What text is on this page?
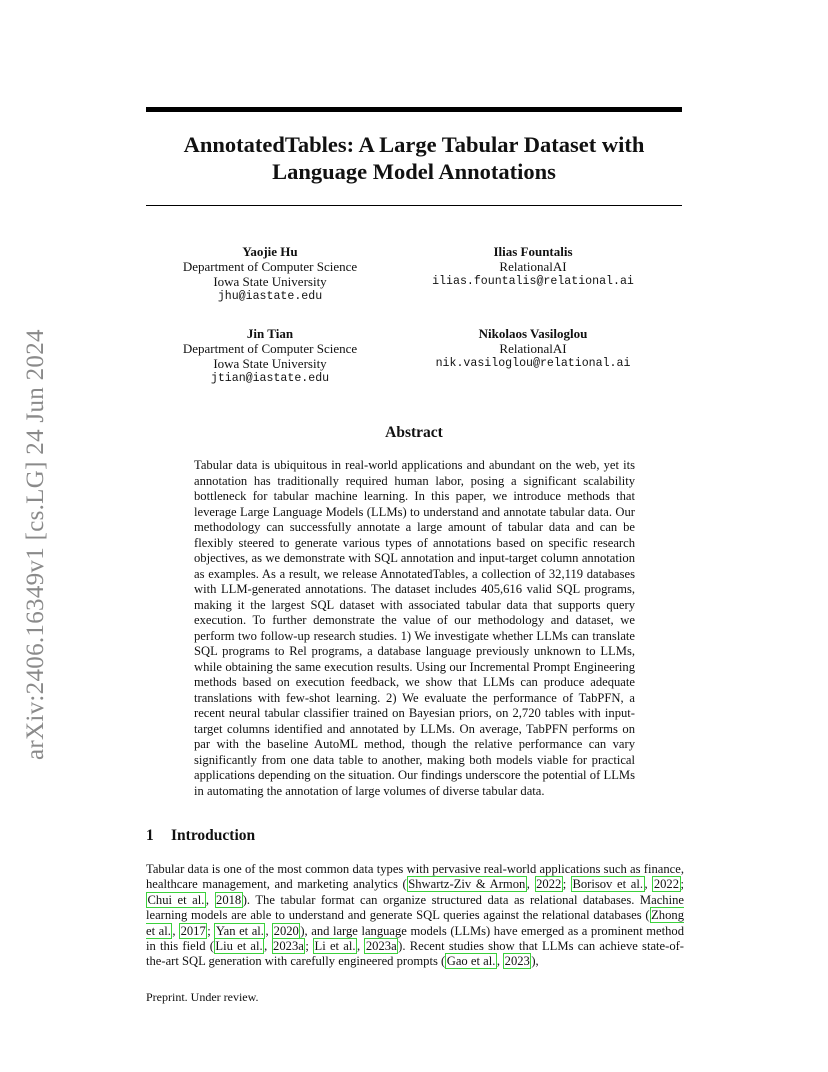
arXiv:2406.16349v1 [cs.LG] 24 Jun 2024
AnnotatedTables: A Large Tabular Dataset with
Language Model Annotations
Yaojie Hu
Department of Computer Science
Iowa State University
jhu@iastate.edu
Ilias Fountalis
RelationalAI
ilias.fountalis@relational.ai
Jin Tian
Department of Computer Science
Iowa State University
jtian@iastate.edu
Nikolaos Vasiloglou
RelationalAI
nik.vasiloglou@relational.ai
Abstract

Tabular data is ubiquitous in real-world applications and abundant on the web, yet its annotation has traditionally required human labor, posing a significant scalability bottleneck for tabular machine learning. In this paper, we introduce methods that leverage Large Language Models (LLMs) to understand and annotate tabular data. Our methodology can successfully annotate a large amount of tabular data and can be flexibly steered to generate various types of annotations based on specific research objectives, as we demonstrate with SQL annotation and input-target column annotation as examples. As a result, we release AnnotatedTables, a collection of 32,119 databases with LLM-generated annotations. The dataset includes 405,616 valid SQL programs, making it the largest SQL dataset with associated tabular data that supports query execution. To further demonstrate the value of our methodology and dataset, we perform two follow-up research studies. 1) We investigate whether LLMs can translate SQL programs to Rel programs, a database language previously unknown to LLMs, while obtaining the same execution results. Using our Incremental Prompt Engineering methods based on execution feedback, we show that LLMs can produce adequate translations with few-shot learning. 2) We evaluate the performance of TabPFN, a recent neural tabular classifier trained on Bayesian priors, on 2,720 tables with input-target columns identified and annotated by LLMs. On average, TabPFN performs on par with the baseline AutoML method, though the relative performance can vary significantly from one data table to another, making both models viable for practical applications depending on the situation. Our findings underscore the potential of LLMs in automating the annotation of large volumes of diverse tabular data.

1 Introduction

Tabular data is one of the most common data types with pervasive real-world applications such as finance, healthcare management, and marketing analytics ( Shwartz-Ziv & Armon , 2022 ; Borisov et al. , 2022 ; Chui et al. , 2018 ). The tabular format can organize structured data as relational databases. Machine learning models are able to understand and generate SQL queries against the relational databases ( Zhong et al. , 2017 ; Yan et al. , 2020 ), and large language models (LLMs) have emerged as a prominent method in this field ( Liu et al. , 2023a ; Li et al. , 2023a ). Recent studies show that LLMs can achieve state-of-the-art SQL generation with carefully engineered prompts ( Gao et al. , 2023 ),

Preprint. Under review.
